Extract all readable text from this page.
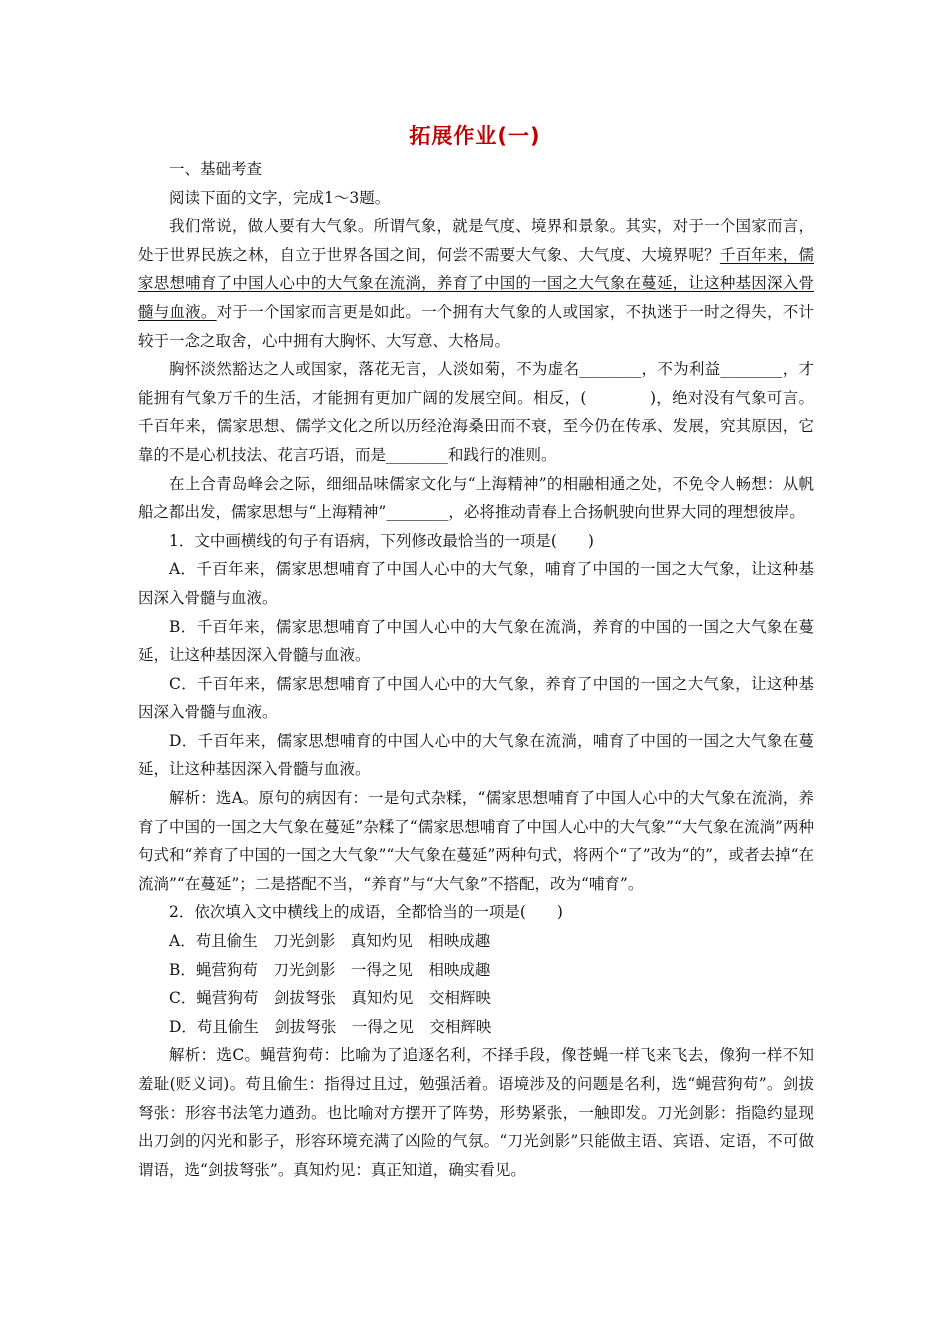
拓展作业(一)

一、基础考查

阅读下面的文字，完成1～3题。

我们常说，做人要有大气象。所谓气象，就是气度、境界和景象。其实，对于一个国家而言，处于世界民族之林，自立于世界各国之间，何尝不需要大气象、大气度、大境界呢？千百年来，儒家思想哺育了中国人心中的大气象在流淌，养育了中国的一国之大气象在蔓延，让这种基因深入骨髓与血液。对于一个国家而言更是如此。一个拥有大气象的人或国家，不执迷于一时之得失，不计较于一念之取舍，心中拥有大胸怀、大写意、大格局。

胸怀淡然豁达之人或国家，落花无言，人淡如菊，不为虚名________，不为利益________，才能拥有气象万千的生活，才能拥有更加广阔的发展空间。相反，(　　　　)，绝对没有气象可言。千百年来，儒家思想、儒学文化之所以历经沧海桑田而不衰，至今仍在传承、发展，究其原因，它靠的不是心机技法、花言巧语，而是________和践行的准则。

在上合青岛峰会之际，细细品味儒家文化与“上海精神”的相融相通之处，不免令人畅想：从帆船之都出发，儒家思想与“上海精神”________，必将推动青春上合扬帆驶向世界大同的理想彼岸。

1．文中画横线的句子有语病，下列修改最恰当的一项是(　　)

A．千百年来，儒家思想哺育了中国人心中的大气象，哺育了中国的一国之大气象，让这种基因深入骨髓与血液。

B．千百年来，儒家思想哺育了中国人心中的大气象在流淌，养育的中国的一国之大气象在蔓延，让这种基因深入骨髓与血液。

C．千百年来，儒家思想哺育了中国人心中的大气象，养育了中国的一国之大气象，让这种基因深入骨髓与血液。

D．千百年来，儒家思想哺育的中国人心中的大气象在流淌，哺育了中国的一国之大气象在蔓延，让这种基因深入骨髓与血液。

解析：选A。原句的病因有：一是句式杂糅，“儒家思想哺育了中国人心中的大气象在流淌，养育了中国的一国之大气象在蔓延”杂糅了“儒家思想哺育了中国人心中的大气象”“大气象在流淌”两种句式和“养育了中国的一国之大气象”“大气象在蔓延”两种句式，将两个“了”改为“的”，或者去掉“在流淌”“在蔓延”；二是搭配不当，“养育”与“大气象”不搭配，改为“哺育”。

2．依次填入文中横线上的成语，全都恰当的一项是(　　)

A．苟且偷生　刀光剑影　真知灼见　相映成趣

B．蝇营狗苟　刀光剑影　一得之见　相映成趣

C．蝇营狗苟　剑拔弩张　真知灼见　交相辉映

D．苟且偷生　剑拔弩张　一得之见　交相辉映

解析：选C。蝇营狗苟：比喻为了追逐名利，不择手段，像苍蝇一样飞来飞去，像狗一样不知羞耻(贬义词)。苟且偷生：指得过且过，勉强活着。语境涉及的问题是名利，选“蝇营狗苟”。剑拔弩张：形容书法笔力遒劲。也比喻对方摆开了阵势，形势紧张，一触即发。刀光剑影：指隐约显现出刀剑的闪光和影子，形容环境充满了凶险的气氛。“刀光剑影”只能做主语、宾语、定语，不可做谓语，选“剑拔弩张”。真知灼见：真正知道，确实看见。
